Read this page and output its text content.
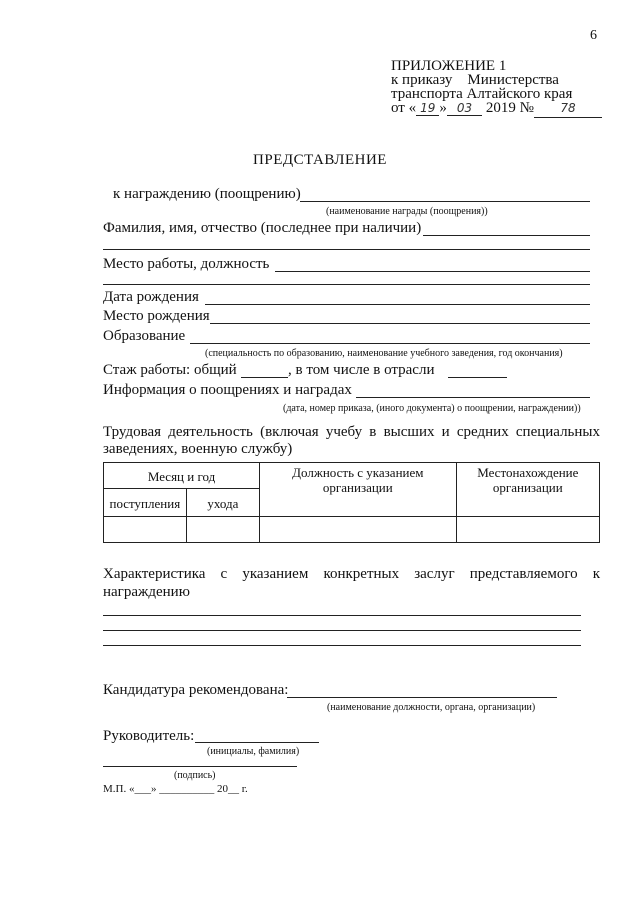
6
ПРИЛОЖЕНИЕ 1
к приказу    Министерства
транспорта Алтайского края
от « 19 » 03 2019 № 78
ПРЕДСТАВЛЕНИЕ
к награждению (поощрению)
(наименование награды (поощрения))
Фамилия, имя, отчество (последнее при наличии)
Место работы, должность
Дата рождения
Место рождения
Образование
(специальность по образованию, наименование учебного заведения, год окончания)
Стаж работы: общий	, в том числе в отрасли
Информация о поощрениях и наградах
(дата, номер приказа, (иного документа) о поощрении, награждении))
Трудовая деятельность (включая учебу в высших и средних специальных
заведениях, военную службу)
Месяц и год		Должность с указанием организации	Местонахождение организации
поступления	ухода		

Характеристика с указанием конкретных заслуг представляемого к
награждению
Кандидатура рекомендована:
(наименование должности, органа, организации)
Руководитель:
(инициалы, фамилия)
(подпись)
М.П. «___» __________ 20__ г.
